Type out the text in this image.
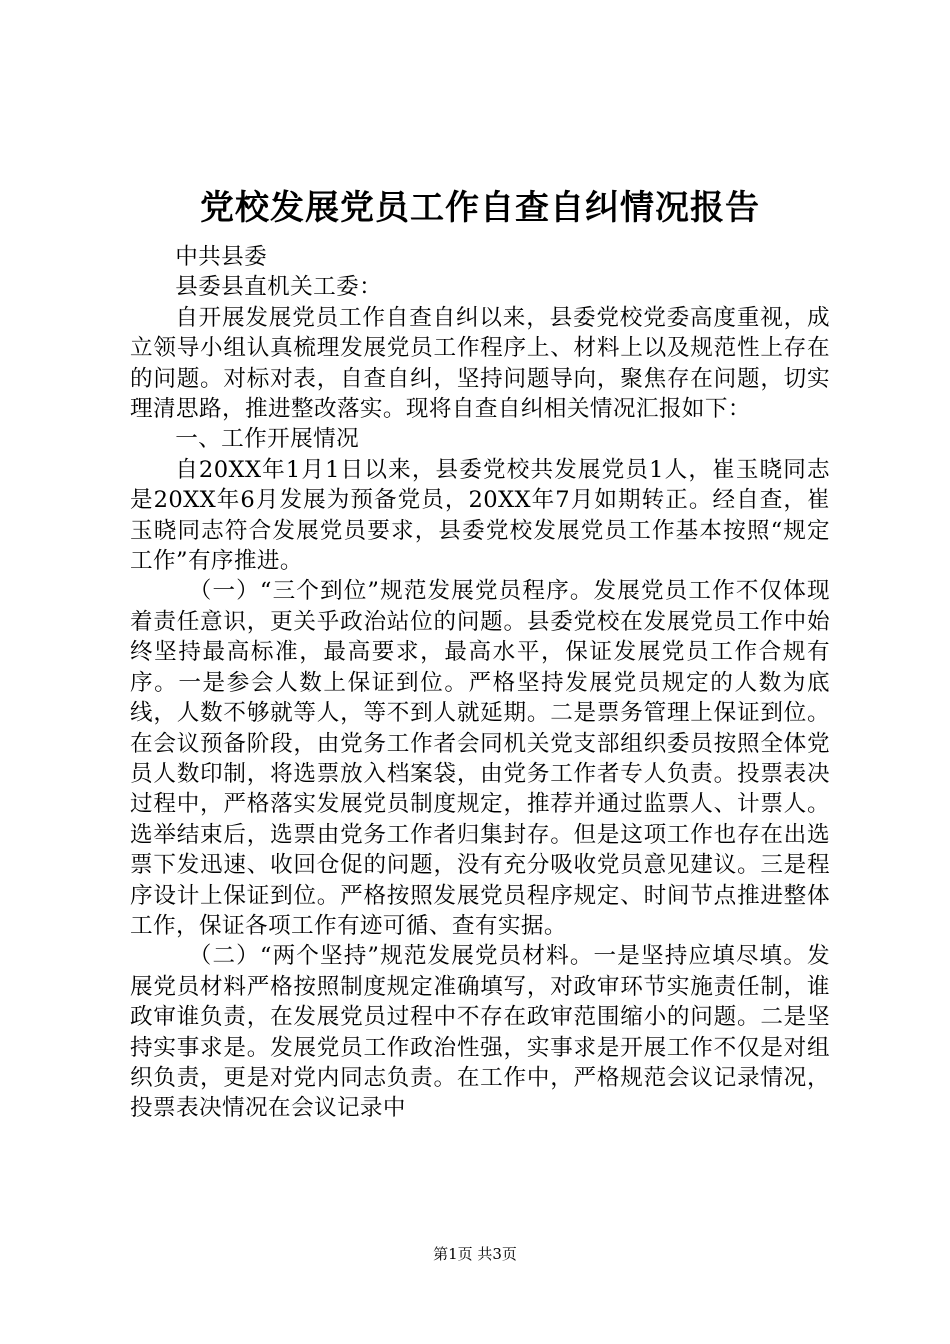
党校发展党员工作自查自纠情况报告

中共县委

县委县直机关工委：

自开展发展党员工作自查自纠以来，县委党校党委高度重视，成立领导小组认真梳理发展党员工作程序上、材料上以及规范性上存在的问题。对标对表，自查自纠，坚持问题导向，聚焦存在问题，切实理清思路，推进整改落实。现将自查自纠相关情况汇报如下：

一、工作开展情况

自20XX年1月1日以来，县委党校共发展党员1人，崔玉晓同志是20XX年6月发展为预备党员，20XX年7月如期转正。经自查，崔玉晓同志符合发展党员要求，县委党校发展党员工作基本按照“规定工作”有序推进。

（一）“三个到位”规范发展党员程序。发展党员工作不仅体现着责任意识，更关乎政治站位的问题。县委党校在发展党员工作中始终坚持最高标准，最高要求，最高水平，保证发展党员工作合规有序。一是参会人数上保证到位。严格坚持发展党员规定的人数为底线，人数不够就等人，等不到人就延期。二是票务管理上保证到位。在会议预备阶段，由党务工作者会同机关党支部组织委员按照全体党员人数印制，将选票放入档案袋，由党务工作者专人负责。投票表决过程中，严格落实发展党员制度规定，推荐并通过监票人、计票人。选举结束后，选票由党务工作者归集封存。但是这项工作也存在出选票下发迅速、收回仓促的问题，没有充分吸收党员意见建议。三是程序设计上保证到位。严格按照发展党员程序规定、时间节点推进整体工作，保证各项工作有迹可循、查有实据。

（二）“两个坚持”规范发展党员材料。一是坚持应填尽填。发展党员材料严格按照制度规定准确填写，对政审环节实施责任制，谁政审谁负责，在发展党员过程中不存在政审范围缩小的问题。二是坚持实事求是。发展党员工作政治性强，实事求是开展工作不仅是对组织负责，更是对党内同志负责。在工作中，严格规范会议记录情况，投票表决情况在会议记录中

第1页 共3页
